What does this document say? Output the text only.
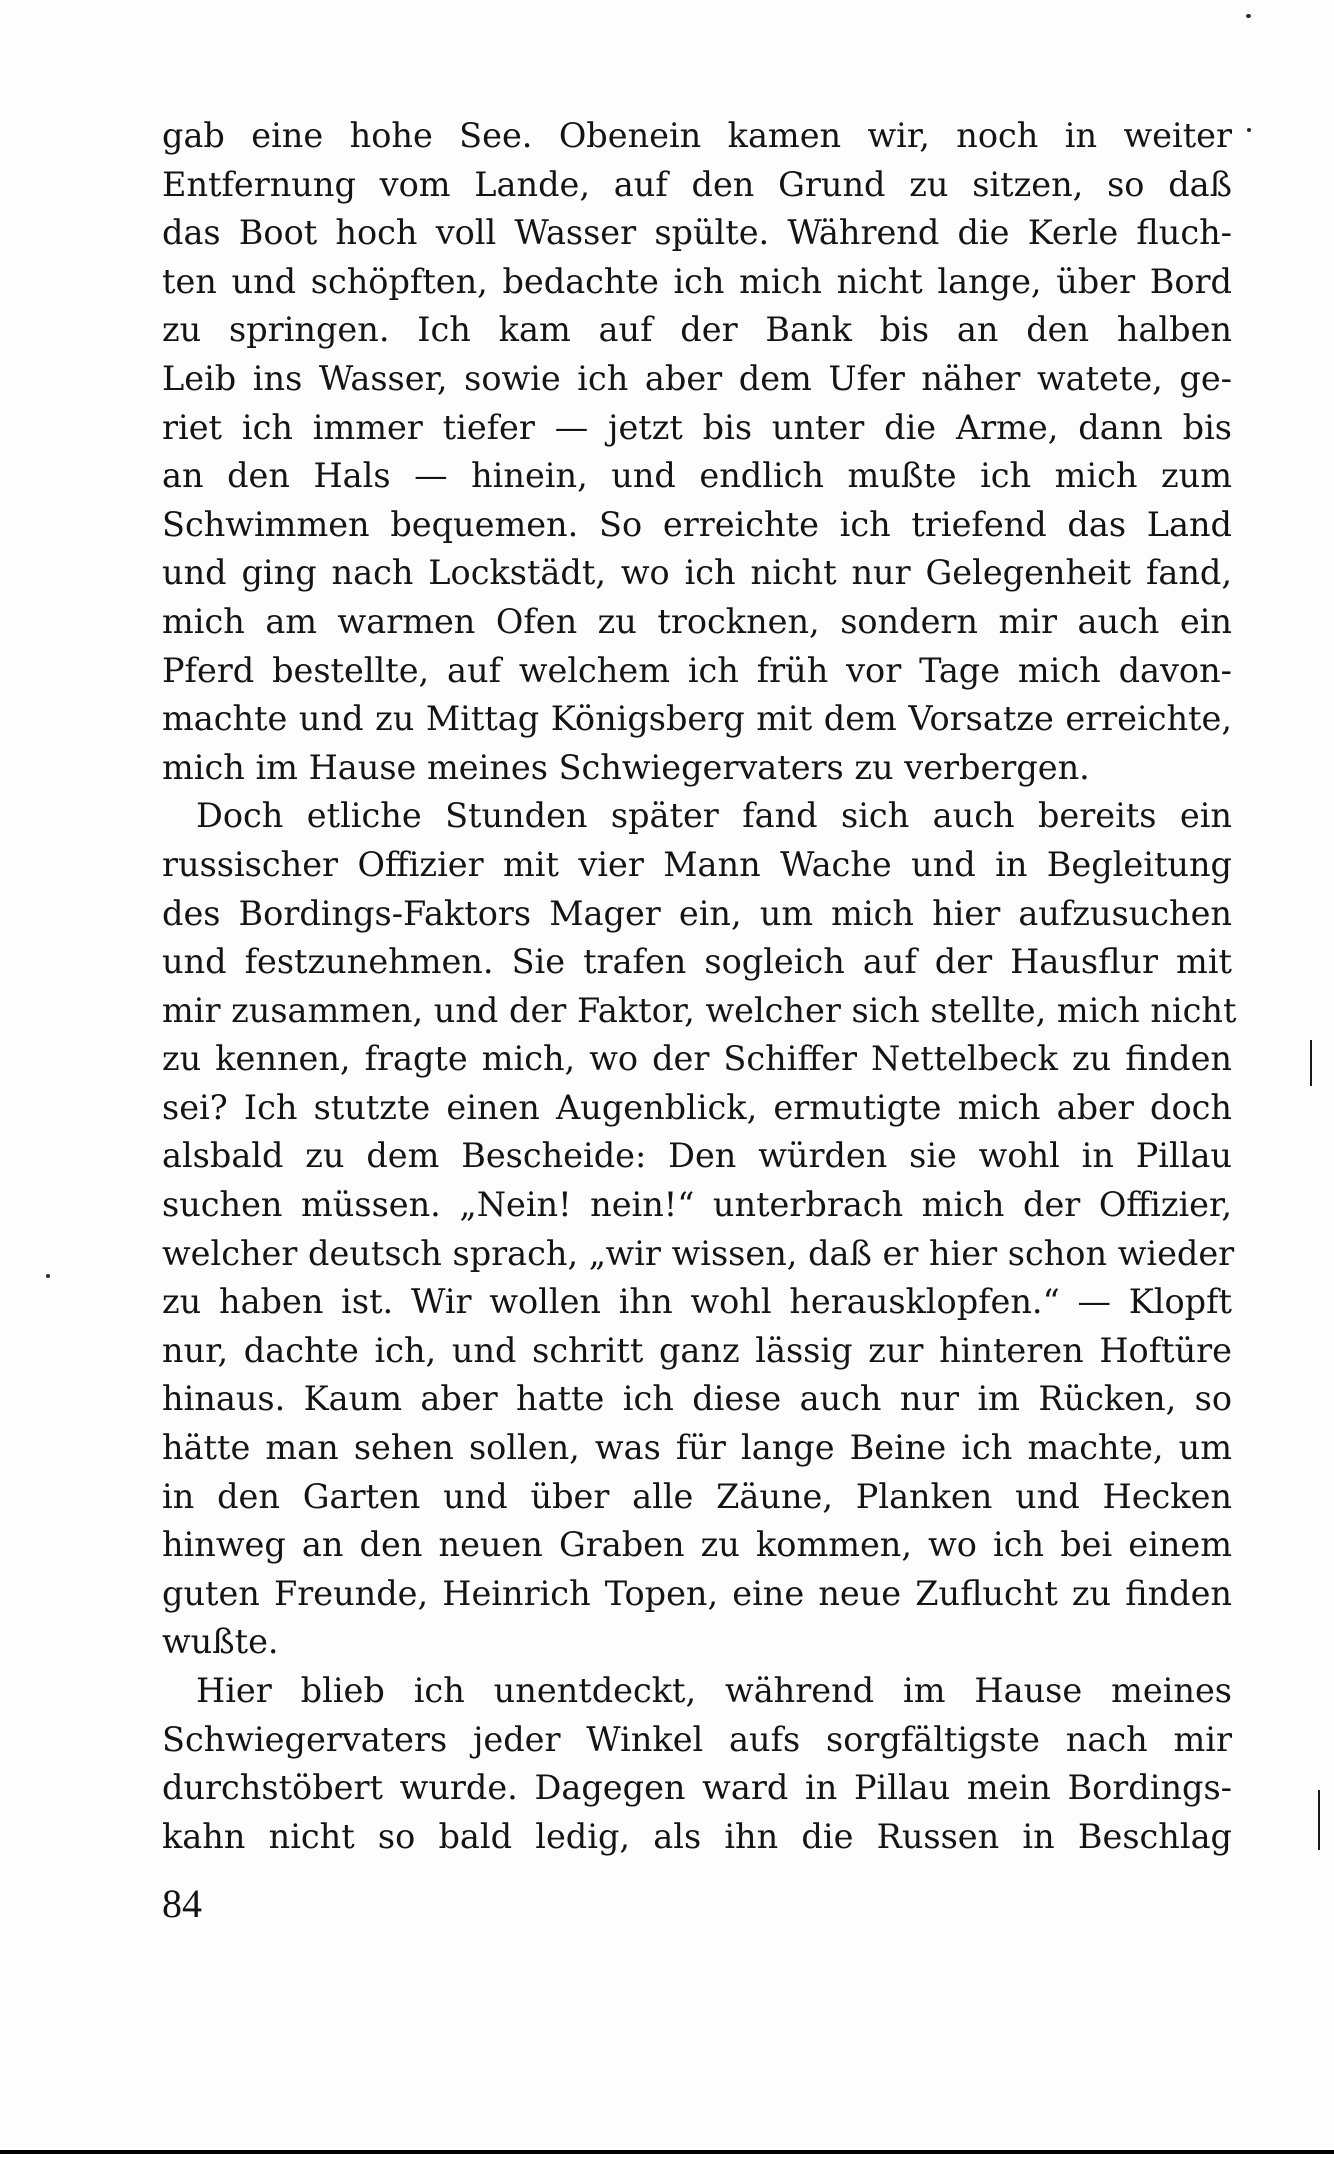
gab eine hohe See. Obenein kamen wir, noch in weiter
Entfernung vom Lande, auf den Grund zu sitzen, so daß
das Boot hoch voll Wasser spülte. Während die Kerle fluch-
ten und schöpften, bedachte ich mich nicht lange, über Bord
zu springen. Ich kam auf der Bank bis an den halben
Leib ins Wasser, sowie ich aber dem Ufer näher watete, ge-
riet ich immer tiefer — jetzt bis unter die Arme, dann bis
an den Hals — hinein, und endlich mußte ich mich zum
Schwimmen bequemen. So erreichte ich triefend das Land
und ging nach Lockstädt, wo ich nicht nur Gelegenheit fand,
mich am warmen Ofen zu trocknen, sondern mir auch ein
Pferd bestellte, auf welchem ich früh vor Tage mich davon-
machte und zu Mittag Königsberg mit dem Vorsatze erreichte,
mich im Hause meines Schwiegervaters zu verbergen.
Doch etliche Stunden später fand sich auch bereits ein
russischer Offizier mit vier Mann Wache und in Begleitung
des Bordings-Faktors Mager ein, um mich hier aufzusuchen
und festzunehmen. Sie trafen sogleich auf der Hausflur mit
mir zusammen, und der Faktor, welcher sich stellte, mich nicht
zu kennen, fragte mich, wo der Schiffer Nettelbeck zu finden
sei? Ich stutzte einen Augenblick, ermutigte mich aber doch
alsbald zu dem Bescheide: Den würden sie wohl in Pillau
suchen müssen. „Nein! nein!“ unterbrach mich der Offizier,
welcher deutsch sprach, „wir wissen, daß er hier schon wieder
zu haben ist. Wir wollen ihn wohl herausklopfen.“ — Klopft
nur, dachte ich, und schritt ganz lässig zur hinteren Hoftüre
hinaus. Kaum aber hatte ich diese auch nur im Rücken, so
hätte man sehen sollen, was für lange Beine ich machte, um
in den Garten und über alle Zäune, Planken und Hecken
hinweg an den neuen Graben zu kommen, wo ich bei einem
guten Freunde, Heinrich Topen, eine neue Zuflucht zu finden
wußte.
Hier blieb ich unentdeckt, während im Hause meines
Schwiegervaters jeder Winkel aufs sorgfältigste nach mir
durchstöbert wurde. Dagegen ward in Pillau mein Bordings-
kahn nicht so bald ledig, als ihn die Russen in Beschlag
84
